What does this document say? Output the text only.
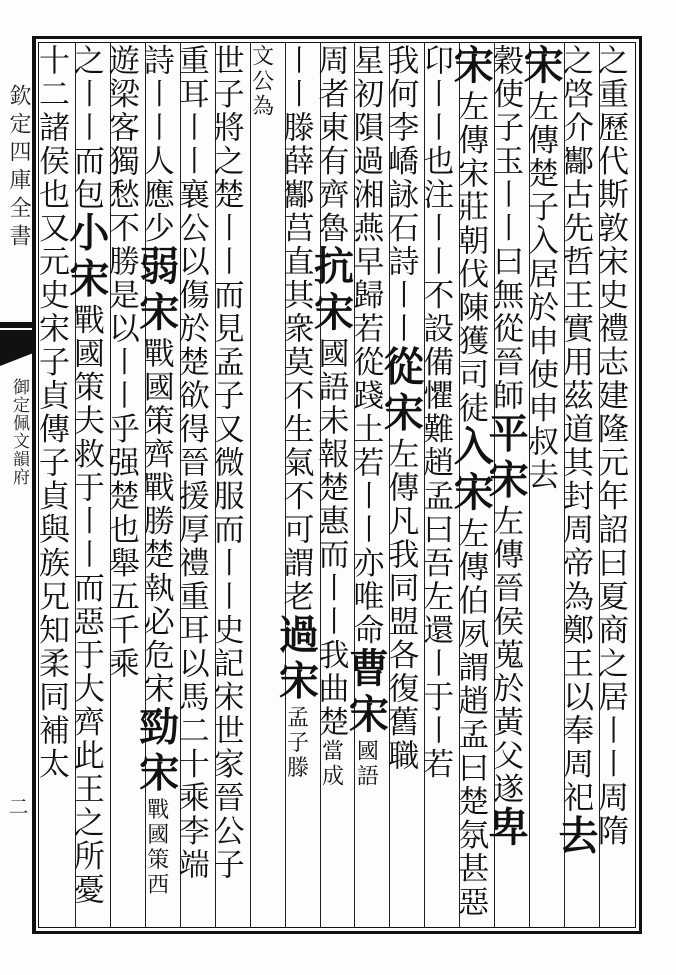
欽定四庫全書
御定佩文韻府
二	之重歷代斯敦宋史禮志建隆元年詔曰夏商之居〡〡周隋
之啓介酅古先哲王實用茲道其封周帝為鄭王以奉周祀去
宋左傳楚子入居於申使申叔去
穀使子玉〡〡曰無從晉師平宋左傳晉侯蒐於黃父遂卑
宋左傳宋莊朝伐陳獲司徒入宋左傳伯夙謂趙孟曰楚氛甚惡
卬〡〡也注〡〡不設備懼難趙孟曰吾左還〡于〡若
我何李嶠詠石詩〡〡從宋左傳凡我同盟各復舊職
星初隕過湘燕早歸若從踐土若〡〡亦唯命曹宋國語
周者東有齊魯抗宋國語未報楚惠而〡〡我曲楚當成
〡〡滕薛酅莒直其衆莫不生氣不可謂老過宋孟子滕
文公為
世子將之楚〡〡而見孟子又微服而〡〡史記宋世家晉公子
重耳〡〡襄公以傷於楚欲得晉援厚禮重耳以馬二十乘李端
詩〡〡人應少弱宋戰國策齊戰勝楚執必危宋勁宋戰國策西
遊梁客獨愁不勝是以〡〡乎强楚也舉五千乘
之〡〡而包小宋戰國策夫救于〡〡而惡于大齊此王之所憂
十二諸侯也又元史宋子貞傳子貞與族兄知柔同補太
